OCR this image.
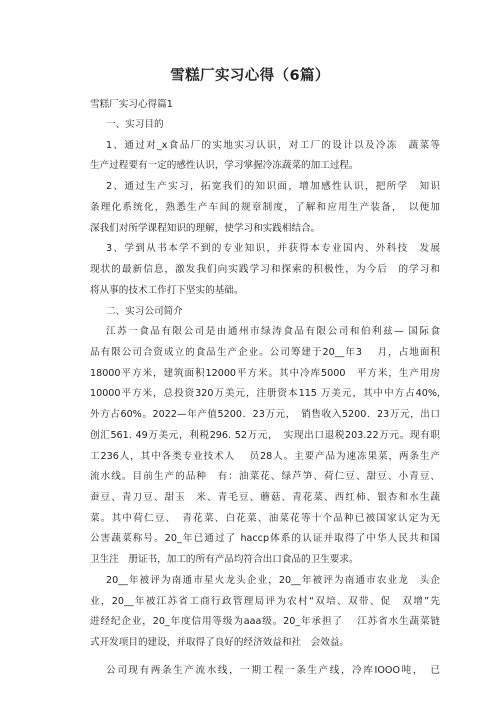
雪糕厂实习心得（6篇）
雪糕厂实习心得篇1
一、实习目的
1、通过对_x食品厂的实地实习认识，对工厂的设计以及冷冻　蔬菜等
生产过程要有一定的感性认识，学习掌握冷冻蔬菜的加工过程。
2、通过生产实习，拓宽我们的知识面，增加感性认识，把所学　知识
条理化系统化，熟悉生产车间的规章制度，了解和应用生产装备，　以便加
深我们对所学课程知识的理解，使学习和实践相结合。
3、学到从书本学不到的专业知识，并获得本专业国内、外科技　发展
现状的最新信息，激发我们向实践学习和探索的积极性，为今后　的学习和
将从事的技术工作打下坚实的基础。
二、实习公司简介
江苏一食品有限公司是由通州市绿涛食品有限公司和伯利兹— 国际食
品有限公司合资成立的食品生产企业。公司筹建于20__年3　 月，占地面积
18000平方米，建筑面积12000平方米。其中冷库5000　平方米，生产用房
10000平方米，总投资320万美元，注册资本115 万美元，其中中方占40%,
外方占60%。2022—年产值5200．23万元，　销售收入5200．23万元，出口
创汇561. 49万美元，利税296. 52万元，　实现出口退税203.22万元。现有职
工236人，其中各类专业技术人　 员28人。主要产品为速冻果菜，两条生产
流水线。目前生产的品种　有：油菜花、绿芦笋、荷仁豆、甜豆、小青豆、
蚕豆、青刀豆、甜玉　米、青毛豆、蘑菇、青花菜、西红柿、银杏和水生蔬
菜。其中荷仁豆、　青花菜、白花菜、油菜花等十个品种已被国家认定为无
公害蔬菜称号。20_年已通过了 haccp体系的认证并取得了中华人民共和国
卫生注　册证书，加工的所有产品均符合出口食品的卫生要求。
20__年被评为南通市星火龙头企业，20__年被评为南通市农业龙　头企
业，20__年被江苏省工商行政管理局评为农村“双培、双带、促　双增”先
进经纪企业，20_年度信用等级为aaa级。20_年承担了　 江苏省水生蔬菜链
式开发项目的建设，并取得了良好的经济效益和社　会效益。
公司现有两条生产流水线，一期工程一条生产线，冷库IOOO吨，　已
